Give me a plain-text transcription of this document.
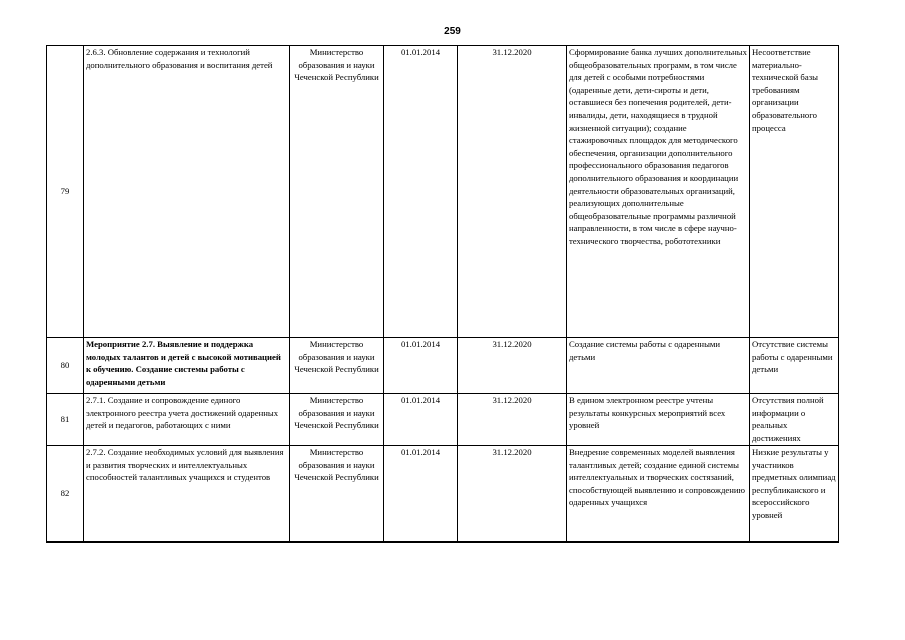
259
79	2.6.3. Обновление содержания и технологий дополнительного образования и воспитания детей	Министерство образования и науки Чеченской Республики	01.01.2014	31.12.2020	Сформирование банка лучших дополнительных общеобразовательных программ, в том числе для детей с особыми потребностями (одаренные дети, дети-сироты и дети, оставшиеся без попечения родителей, дети-инвалиды, дети, находящиеся в трудной жизненной ситуации); создание стажировочных площадок для методического обеспечения, организации дополнительного профессионального образования педагогов дополнительного образования и координации деятельности образовательных организаций, реализующих дополнительные общеобразовательные программы различной направленности, в том числе в сфере научно-технического творчества, робототехники	Несоответствие материально-технической базы требованиям организации образовательного процесса
80	Мероприятие 2.7. Выявление и поддержка молодых талантов и детей с высокой мотивацией к обучению. Создание системы работы с одаренными детьми	Министерство образования и науки Чеченской Республики	01.01.2014	31.12.2020	Создание системы работы с одаренными детьми	Отсутствие системы работы с одаренными детьми
81	2.7.1. Создание и сопровождение единого электронного реестра учета достижений одаренных детей и педагогов, работающих с ними	Министерство образования и науки Чеченской Республики	01.01.2014	31.12.2020	В едином электронном реестре учтены результаты конкурсных мероприятий всех уровней	Отсутствия полной информации о реальных достижениях

82	2.7.2. Создание необходимых условий для выявления и развития творческих и интеллектуальных способностей талантливых учащихся и студентов	Министерство образования и науки Чеченской Республики	01.01.2014	31.12.2020	Внедрение современных моделей выявления талантливых детей; создание единой системы интеллектуальных и творческих состязаний, способствующей выявлению и сопровождению одаренных учащихся	Низкие результаты у участников предметных олимпиад республиканского и всероссийского уровней
